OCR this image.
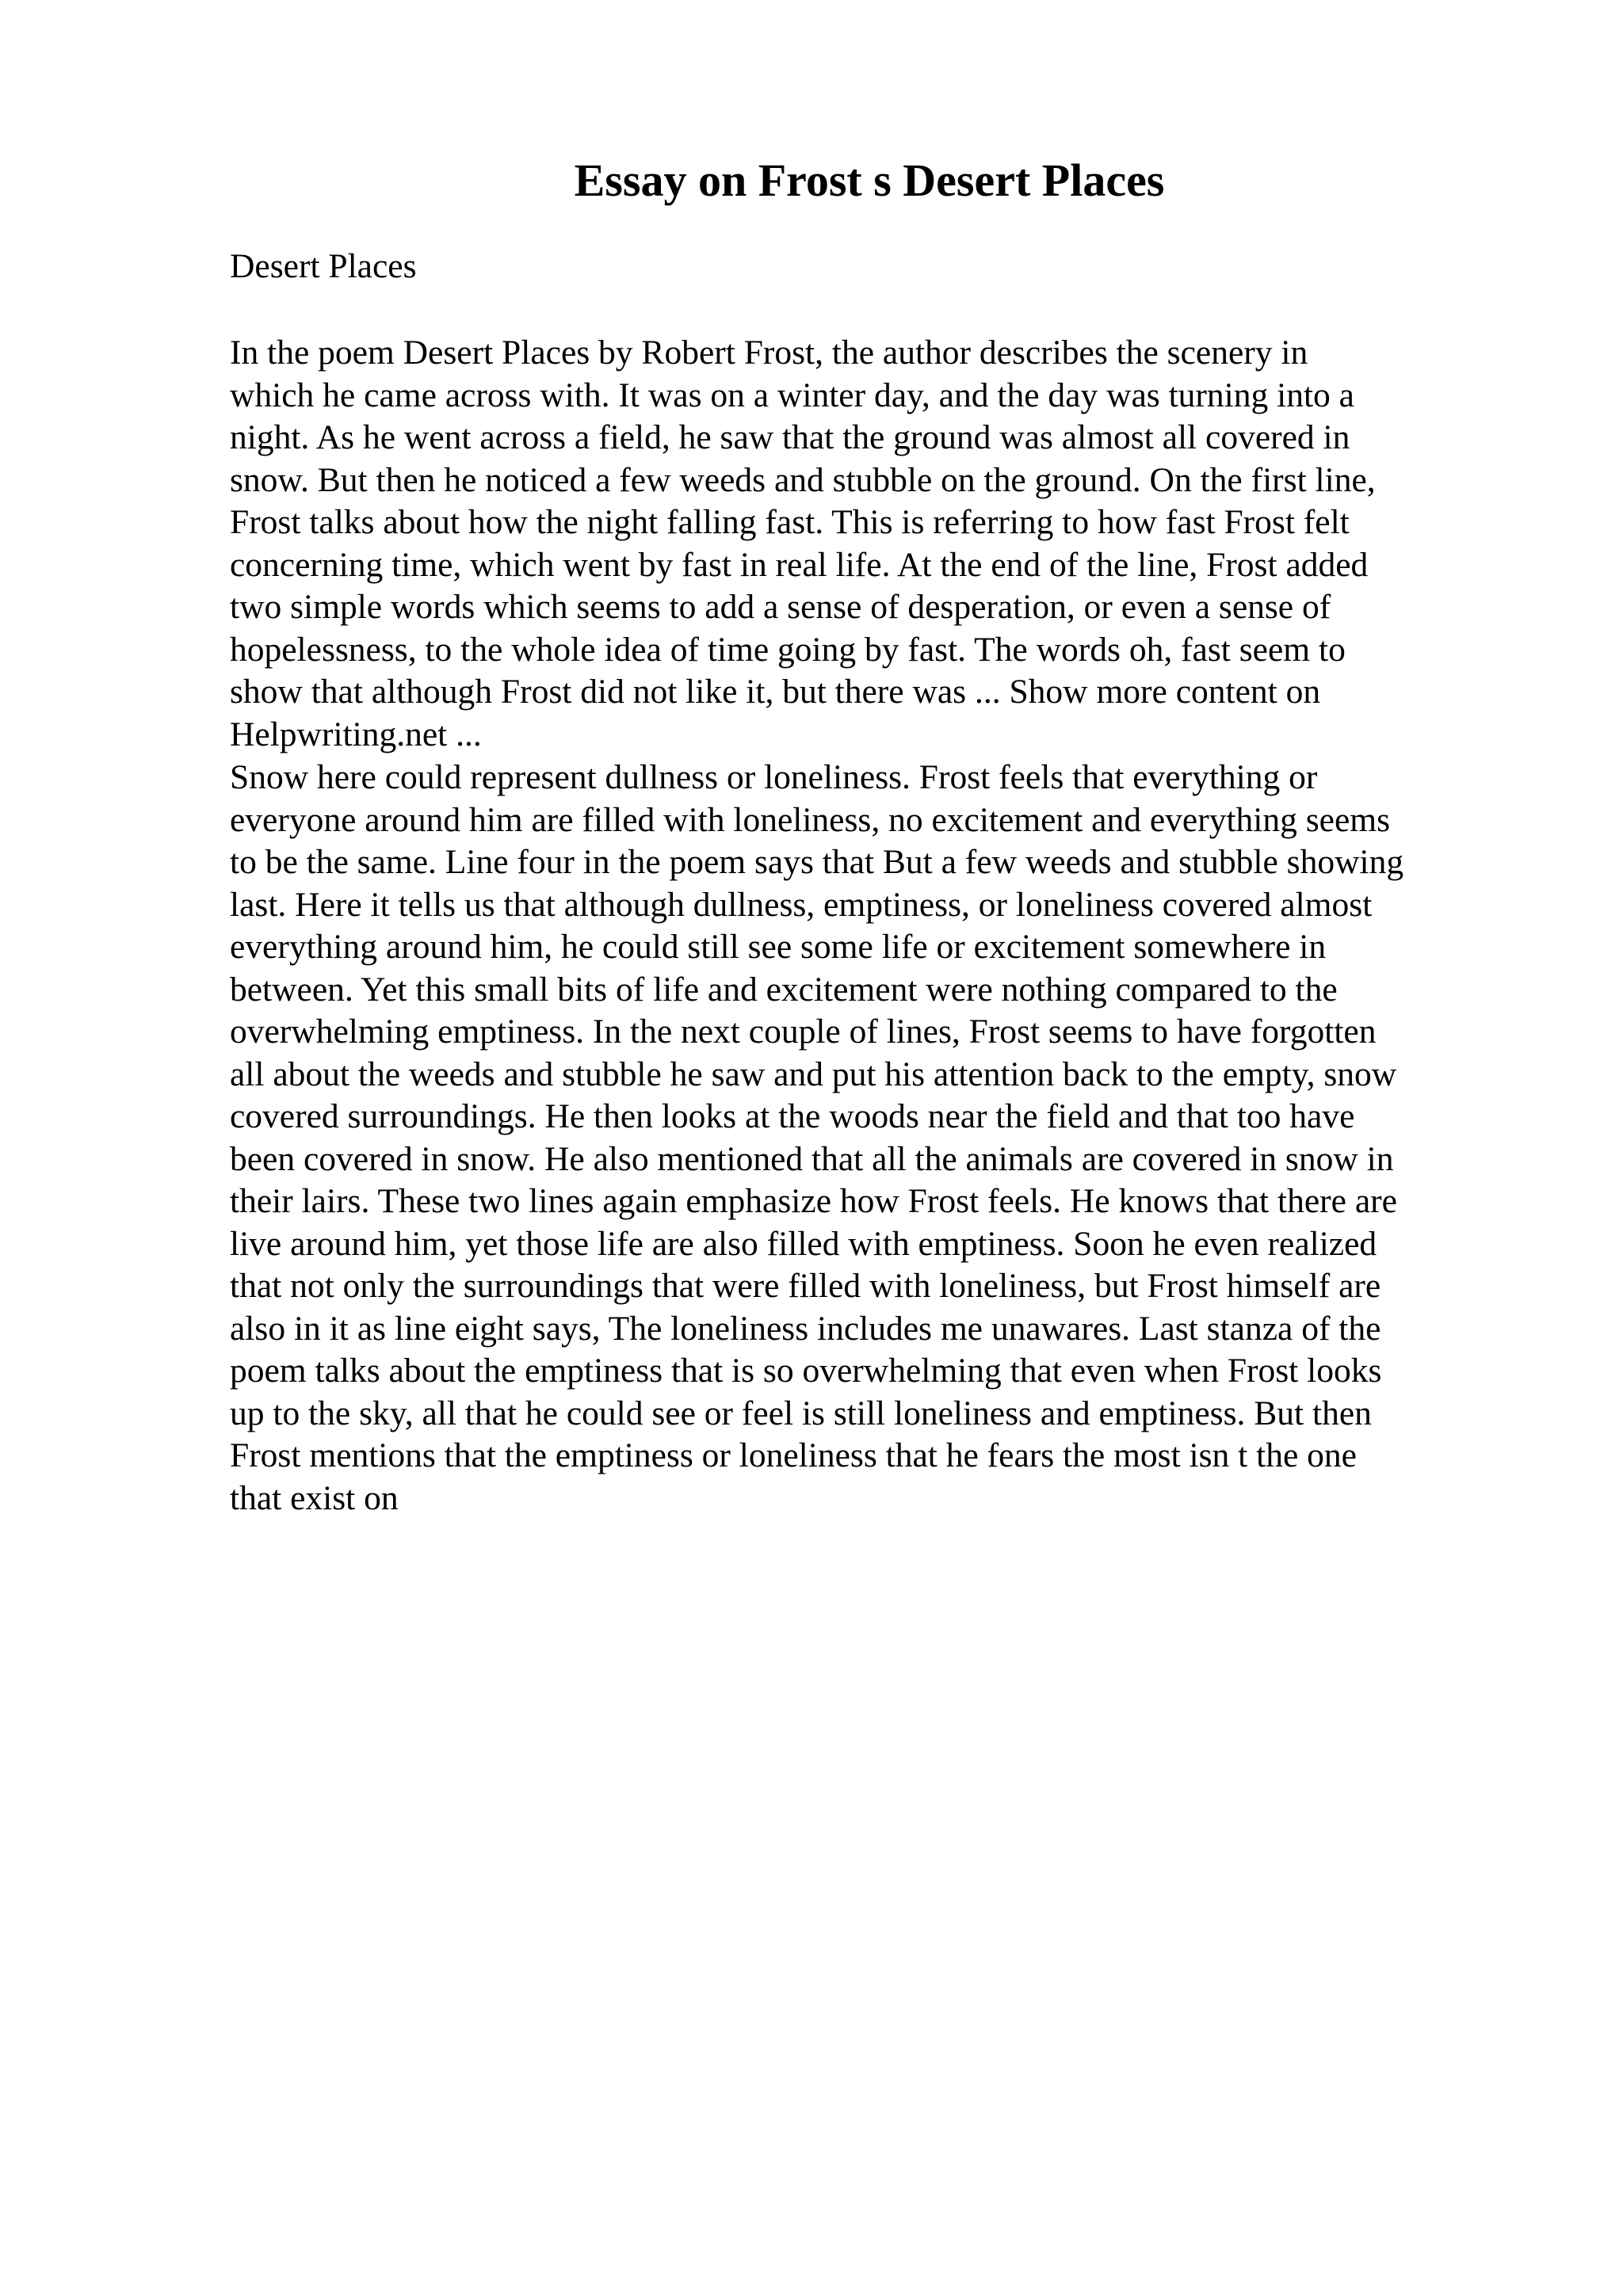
Essay on Frost s Desert Places

Desert Places

In the poem Desert Places by Robert Frost, the author describes the scenery in
which he came across with. It was on a winter day, and the day was turning into a
night. As he went across a field, he saw that the ground was almost all covered in
snow. But then he noticed a few weeds and stubble on the ground. On the first line,
Frost talks about how the night falling fast. This is referring to how fast Frost felt
concerning time, which went by fast in real life. At the end of the line, Frost added
two simple words which seems to add a sense of desperation, or even a sense of
hopelessness, to the whole idea of time going by fast. The words oh, fast seem to
show that although Frost did not like it, but there was ... Show more content on
Helpwriting.net ...

Snow here could represent dullness or loneliness. Frost feels that everything or
everyone around him are filled with loneliness, no excitement and everything seems
to be the same. Line four in the poem says that But a few weeds and stubble showing
last. Here it tells us that although dullness, emptiness, or loneliness covered almost
everything around him, he could still see some life or excitement somewhere in
between. Yet this small bits of life and excitement were nothing compared to the
overwhelming emptiness. In the next couple of lines, Frost seems to have forgotten
all about the weeds and stubble he saw and put his attention back to the empty, snow
covered surroundings. He then looks at the woods near the field and that too have
been covered in snow. He also mentioned that all the animals are covered in snow in
their lairs. These two lines again emphasize how Frost feels. He knows that there are
live around him, yet those life are also filled with emptiness. Soon he even realized
that not only the surroundings that were filled with loneliness, but Frost himself are
also in it as line eight says, The loneliness includes me unawares. Last stanza of the
poem talks about the emptiness that is so overwhelming that even when Frost looks
up to the sky, all that he could see or feel is still loneliness and emptiness. But then
Frost mentions that the emptiness or loneliness that he fears the most isn t the one
that exist on
